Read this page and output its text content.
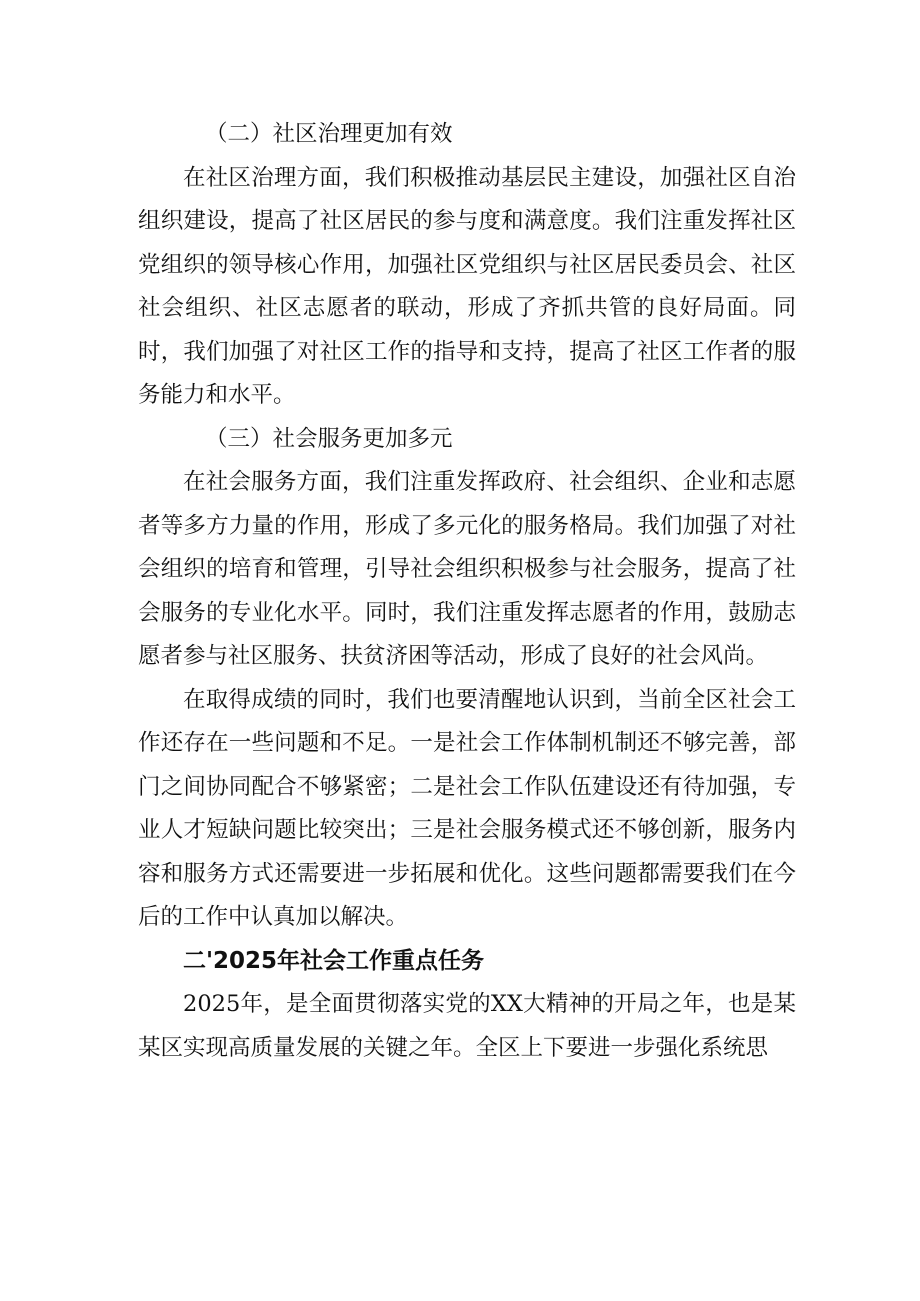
（二）社区治理更加有效

在社区治理方面，我们积极推动基层民主建设，加强社区自治组织建设，提高了社区居民的参与度和满意度。我们注重发挥社区党组织的领导核心作用，加强社区党组织与社区居民委员会、社区社会组织、社区志愿者的联动，形成了齐抓共管的良好局面。同时，我们加强了对社区工作的指导和支持，提高了社区工作者的服务能力和水平。

（三）社会服务更加多元

在社会服务方面，我们注重发挥政府、社会组织、企业和志愿者等多方力量的作用，形成了多元化的服务格局。我们加强了对社会组织的培育和管理，引导社会组织积极参与社会服务，提高了社会服务的专业化水平。同时，我们注重发挥志愿者的作用，鼓励志愿者参与社区服务、扶贫济困等活动，形成了良好的社会风尚。

在取得成绩的同时，我们也要清醒地认识到，当前全区社会工作还存在一些问题和不足。一是社会工作体制机制还不够完善，部门之间协同配合不够紧密；二是社会工作队伍建设还有待加强，专业人才短缺问题比较突出；三是社会服务模式还不够创新，服务内容和服务方式还需要进一步拓展和优化。这些问题都需要我们在今后的工作中认真加以解决。

二'2025年社会工作重点任务

2025年，是全面贯彻落实党的XX大精神的开局之年，也是某某区实现高质量发展的关键之年。全区上下要进一步强化系统思
